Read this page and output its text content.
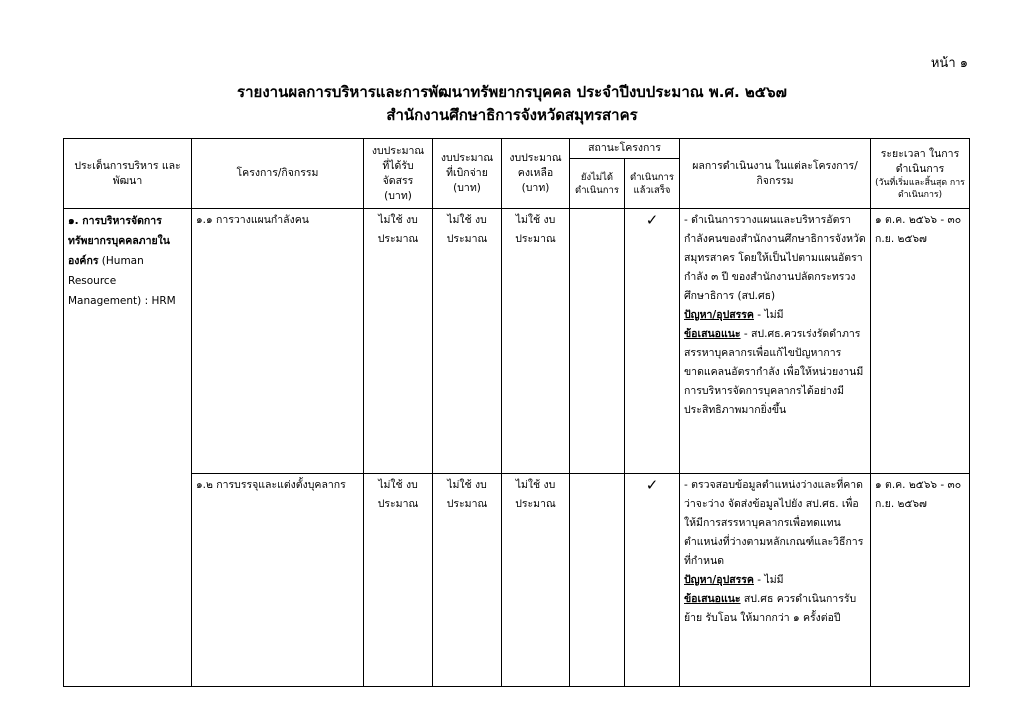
หน้า ๑
รายงานผลการบริหารและการพัฒนาทรัพยากรบุคคล ประจำปีงบประมาณ พ.ศ. ๒๕๖๗
สำนักงานศึกษาธิการจังหวัดสมุทรสาคร
ประเด็นการบริหาร และพัฒนา	โครงการ/กิจกรรม	งบประมาณ ที่ได้รับจัดสรร (บาท)	งบประมาณ ที่เบิกจ่าย (บาท)	งบประมาณ คงเหลือ (บาท)	สถานะโครงการ		ผลการดำเนินงาน ในแต่ละโครงการ/กิจกรรม	ระยะเวลา ในการดำเนินการ
(วันที่เริ่มและสิ้นสุด การดำเนินการ)

					ยังไม่ได้ ดำเนินการ	ดำเนินการ แล้วเสร็จ		
๑. การบริหารจัดการทรัพยากรบุคคลภายในองค์กร (Human Resource Management) : HRM	๑.๑ การวางแผนกำลังคน	ไม่ใช้ งบประมาณ	ไม่ใช้ งบประมาณ	ไม่ใช้ งบประมาณ		✓	- ดำเนินการวางแผนและบริหารอัตรากำลังคนของสำนักงานศึกษาธิการจังหวัดสมุทรสาคร โดยให้เป็นไปตามแผนอัตรากำลัง ๓ ปี ของสำนักงานปลัดกระทรวงศึกษาธิการ (สป.ศธ)
ปัญหา/อุปสรรค - ไม่มี
ข้อเสนอแนะ - สป.ศธ.ควรเร่งรัดดำภาร สรรหาบุคลากรเพื่อแก้ไขปัญหาการขาดแคลนอัตรากำลัง เพื่อให้หน่วยงานมีการบริหารจัดการบุคลากรได้อย่างมีประสิทธิภาพมากยิ่งขึ้น	๑ ต.ค. ๒๕๖๖ - ๓๐ ก.ย. ๒๕๖๗
	๑.๒ การบรรจุและแต่งตั้งบุคลากร	ไม่ใช้ งบประมาณ	ไม่ใช้ งบประมาณ	ไม่ใช้ งบประมาณ		✓	- ตรวจสอบข้อมูลตำแหน่งว่างและที่คาดว่าจะว่าง จัดส่งข้อมูลไปยัง สป.ศธ. เพื่อให้มีการสรรหาบุคลากรเพื่อทดแทนตำแหน่งที่ว่างตามหลักเกณฑ์และวิธีการที่กำหนด
ปัญหา/อุปสรรค - ไม่มี
ข้อเสนอแนะ สป.ศธ ควรดำเนินการรับย้าย รับโอน ให้มากกว่า ๑ ครั้งต่อปี	๑ ต.ค. ๒๕๖๖ - ๓๐ ก.ย. ๒๕๖๗
